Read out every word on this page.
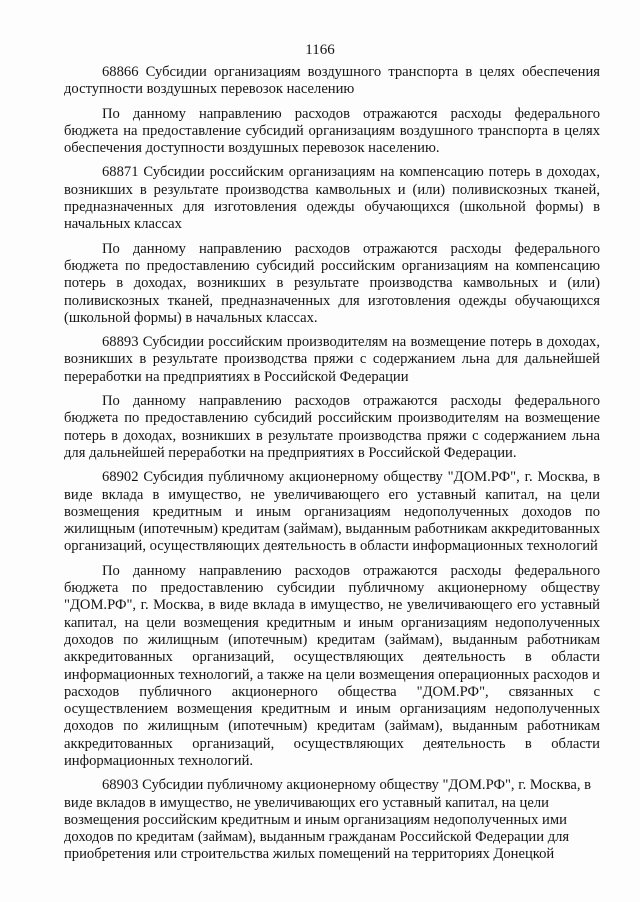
1166

68866 Субсидии организациям воздушного транспорта в целях обеспечения доступности воздушных перевозок населению

По данному направлению расходов отражаются расходы федерального бюджета на предоставление субсидий организациям воздушного транспорта в целях обеспечения доступности воздушных перевозок населению.

68871 Субсидии российским организациям на компенсацию потерь в доходах, возникших в результате производства камвольных и (или) поливискозных тканей, предназначенных для изготовления одежды обучающихся (школьной формы) в начальных классах

По данному направлению расходов отражаются расходы федерального бюджета по предоставлению субсидий российским организациям на компенсацию потерь в доходах, возникших в результате производства камвольных и (или) поливискозных тканей, предназначенных для изготовления одежды обучающихся (школьной формы) в начальных классах.

68893 Субсидии российским производителям на возмещение потерь в доходах, возникших в результате производства пряжи с содержанием льна для дальнейшей переработки на предприятиях в Российской Федерации

По данному направлению расходов отражаются расходы федерального бюджета по предоставлению субсидий российским производителям на возмещение потерь в доходах, возникших в результате производства пряжи с содержанием льна для дальнейшей переработки на предприятиях в Российской Федерации.

68902 Субсидия публичному акционерному обществу "ДОМ.РФ", г. Москва, в виде вклада в имущество, не увеличивающего его уставный капитал, на цели возмещения кредитным и иным организациям недополученных доходов по жилищным (ипотечным) кредитам (займам), выданным работникам аккредитованных организаций, осуществляющих деятельность в области информационных технологий

По данному направлению расходов отражаются расходы федерального бюджета по предоставлению субсидии публичному акционерному обществу "ДОМ.РФ", г. Москва, в виде вклада в имущество, не увеличивающего его уставный капитал, на цели возмещения кредитным и иным организациям недополученных доходов по жилищным (ипотечным) кредитам (займам), выданным работникам аккредитованных организаций, осуществляющих деятельность в области информационных технологий, а также на цели возмещения операционных расходов и расходов публичного акционерного общества "ДОМ.РФ", связанных с осуществлением возмещения кредитным и иным организациям недополученных доходов по жилищным (ипотечным) кредитам (займам), выданным работникам аккредитованных организаций, осуществляющих деятельность в области информационных технологий.

68903 Субсидии публичному акционерному обществу "ДОМ.РФ", г. Москва, в виде вкладов в имущество, не увеличивающих его уставный капитал, на цели возмещения российским кредитным и иным организациям недополученных ими доходов по кредитам (займам), выданным гражданам Российской Федерации для приобретения или строительства жилых помещений на территориях Донецкой
